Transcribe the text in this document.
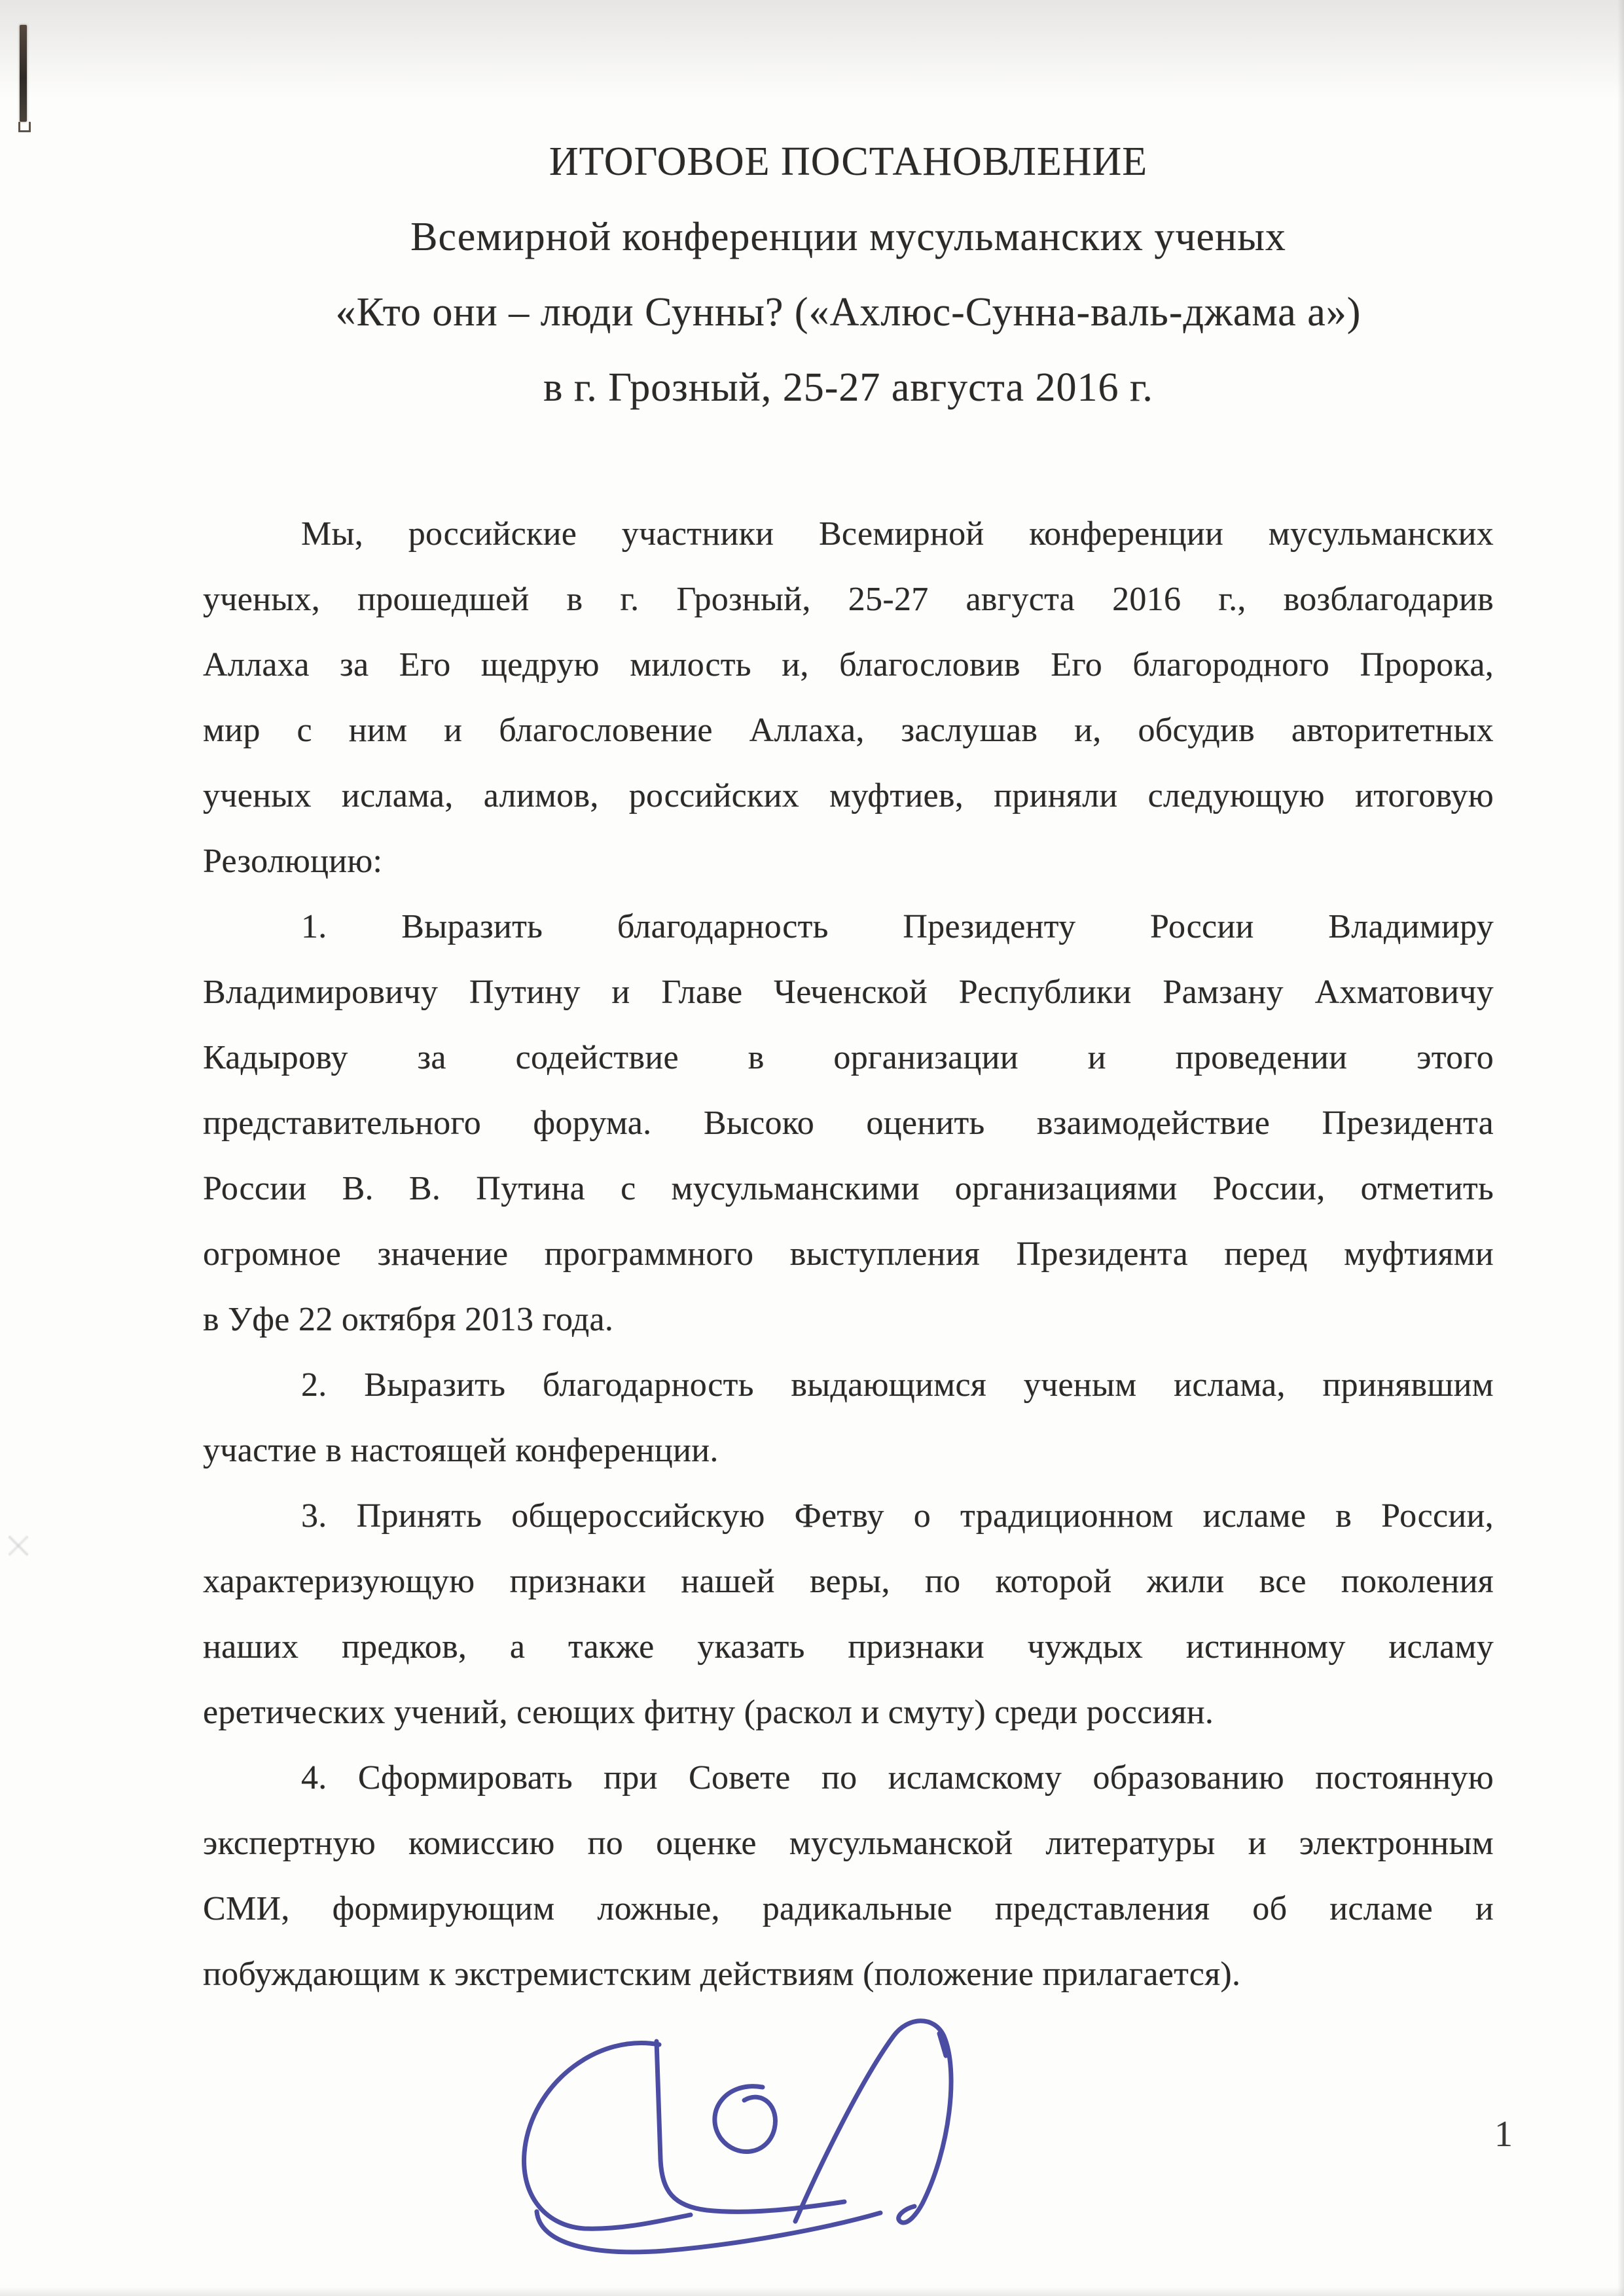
ИТОГОВОЕ ПОСТАНОВЛЕНИЕ
Всемирной конференции мусульманских ученых
«Кто они – люди Сунны? («Ахлюс-Сунна-валь-джама а»)
в г. Грозный, 25-27 августа 2016 г.
Мы, российские участники Всемирной конференции мусульманских
ученых, прошедшей в г. Грозный, 25-27 августа 2016 г., возблагодарив
Аллаха за Его щедрую милость и, благословив Его благородного Пророка,
мир с ним и благословение Аллаха, заслушав и, обсудив авторитетных
ученых ислама, алимов, российских муфтиев, приняли следующую итоговую
Резолюцию:
1. Выразить благодарность Президенту России Владимиру
Владимировичу Путину и Главе Чеченской Республики Рамзану Ахматовичу
Кадырову за содействие в организации и проведении этого
представительного форума. Высоко оценить взаимодействие Президента
России В. В. Путина с мусульманскими организациями России, отметить
огромное значение программного выступления Президента перед муфтиями
в Уфе 22 октября 2013 года.
2. Выразить благодарность выдающимся ученым ислама, принявшим
участие в настоящей конференции.
3. Принять общероссийскую Фетву о традиционном исламе в России,
характеризующую признаки нашей веры, по которой жили все поколения
наших предков, а также указать признаки чуждых истинному исламу
еретических учений, сеющих фитну (раскол и смуту) среди россиян.
4. Сформировать при Совете по исламскому образованию постоянную
экспертную комиссию по оценке мусульманской литературы и электронным
СМИ, формирующим ложные, радикальные представления об исламе и
побуждающим к экстремистским действиям (положение прилагается).
1
